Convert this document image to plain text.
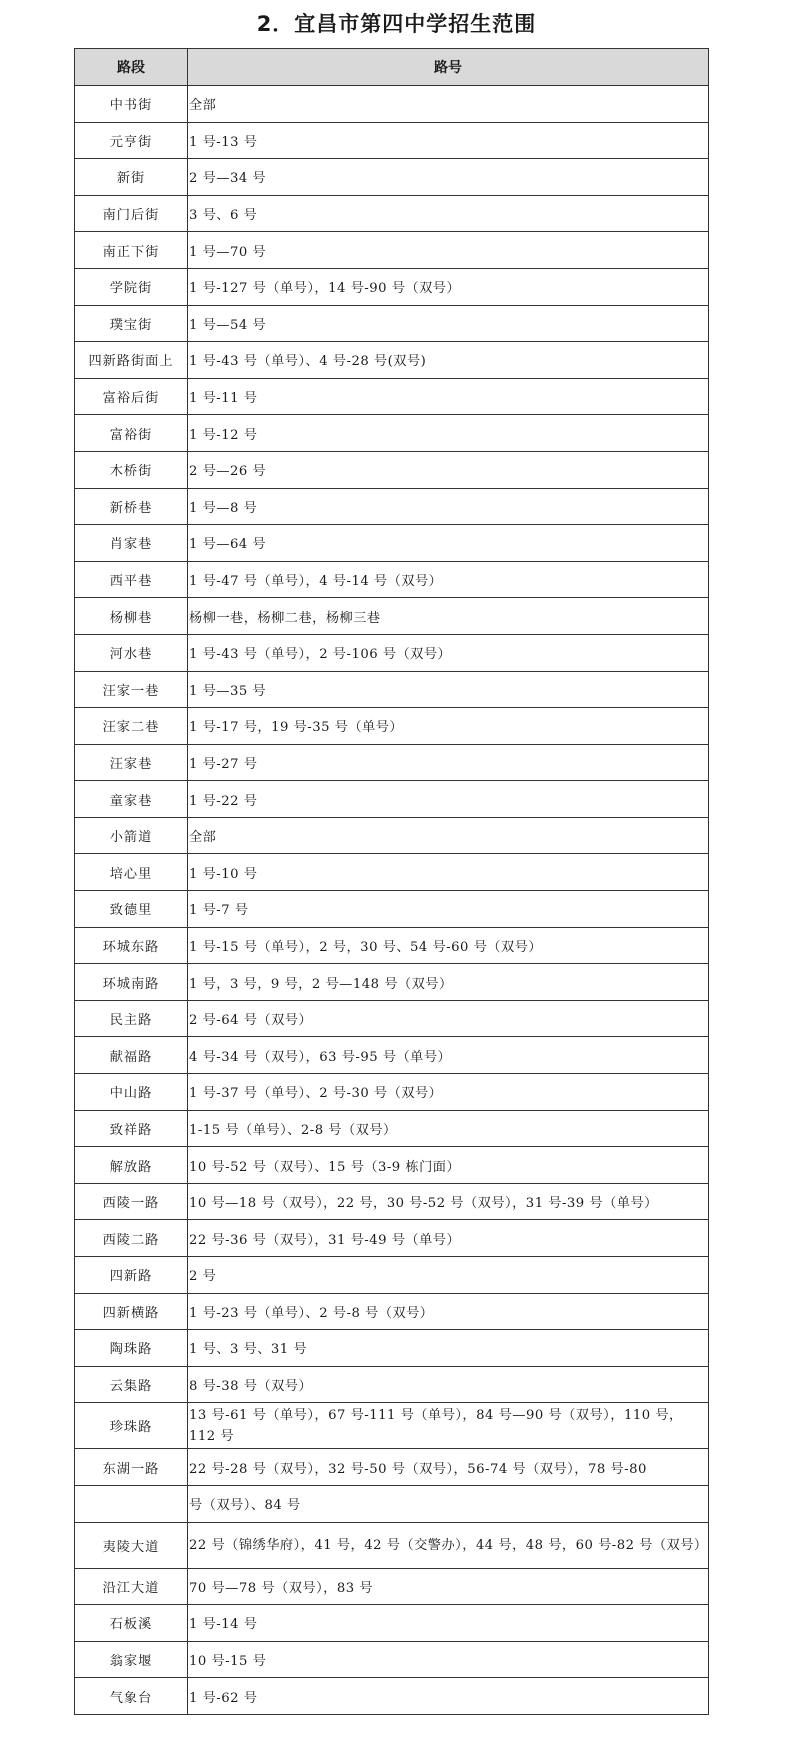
2．宜昌市第四中学招生范围
路段	路号
中书街	全部
元亨街	1 号-13 号
新街	2 号—34 号
南门后街	3 号、6 号
南正下街	1 号—70 号
学院街	1 号-127 号（单号），14 号-90 号（双号）
璞宝街	1 号—54 号
四新路街面上	1 号-43 号（单号）、4 号-28 号(双号)
富裕后街	1 号-11 号
富裕街	1 号-12 号
木桥街	2 号—26 号
新桥巷	1 号—8 号
肖家巷	1 号—64 号
西平巷	1 号-47 号（单号），4 号-14 号（双号）
杨柳巷	杨柳一巷，杨柳二巷，杨柳三巷
河水巷	1 号-43 号（单号），2 号-106 号（双号）
汪家一巷	1 号—35 号
汪家二巷	1 号-17 号，19 号-35 号（单号）
汪家巷	1 号-27 号
童家巷	1 号-22 号
小箭道	全部
培心里	1 号-10 号
致德里	1 号-7 号
环城东路	1 号-15 号（单号），2 号，30 号、54 号-60 号（双号）
环城南路	1 号，3 号，9 号，2 号—148 号（双号）
民主路	2 号-64 号（双号）
献福路	4 号-34 号（双号），63 号-95 号（单号）
中山路	1 号-37 号（单号）、2 号-30 号（双号）
致祥路	1-15 号（单号）、2-8 号（双号）
解放路	10 号-52 号（双号）、15 号（3-9 栋门面）
西陵一路	10 号—18 号（双号），22 号，30 号-52 号（双号），31 号-39 号（单号）
西陵二路	22 号-36 号（双号），31 号-49 号（单号）
四新路	2 号
四新横路	1 号-23 号（单号）、2 号-8 号（双号）
陶珠路	1 号、3 号、31 号
云集路	8 号-38 号（双号）
珍珠路	13 号-61 号（单号），67 号-111 号（单号），84 号—90 号（双号），110 号，112 号
东湖一路	22 号-28 号（双号），32 号-50 号（双号），56-74 号（双号），78 号-80
	号（双号）、84 号
夷陵大道	22 号（锦绣华府），41 号，42 号（交警办），44 号，48 号，60 号-82 号（双号）
沿江大道	70 号—78 号（双号），83 号
石板溪	1 号-14 号
翁家堰	10 号-15 号
气象台	1 号-62 号
